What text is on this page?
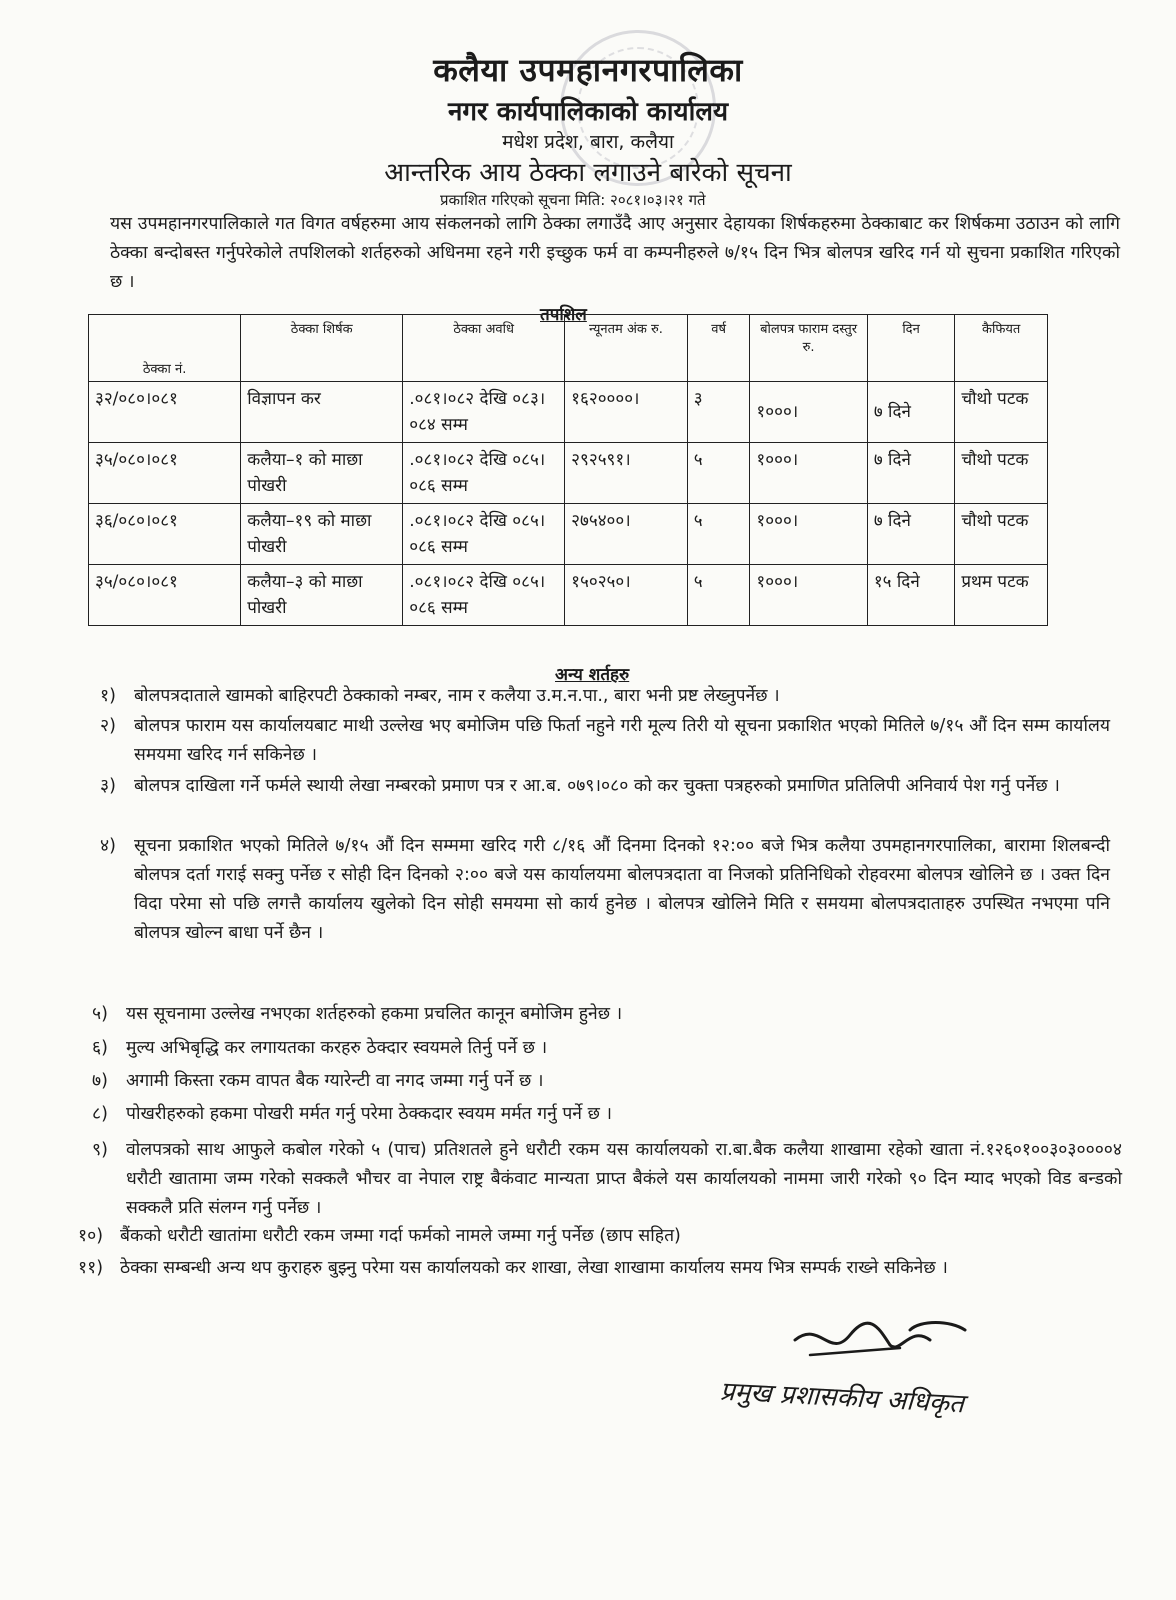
कलैया उपमहानगरपालिका
नगर कार्यपालिकाको कार्यालय
मधेश प्रदेश, बारा, कलैया
आन्तरिक आय ठेक्का लगाउने बारेको सूचना
प्रकाशित गरिएको सूचना मिति: २०८१।०३।२१ गते
यस उपमहानगरपालिकाले गत विगत वर्षहरुमा आय संकलनको लागि ठेक्का लगाउँदै आए अनुसार देहायका शिर्षकहरुमा ठेक्काबाट कर शिर्षकमा उठाउन को लागि ठेक्का बन्दोबस्त गर्नुपरेकोले तपशिलको शर्तहरुको अधिनमा रहने गरी इच्छुक फर्म वा कम्पनीहरुले ७/१५ दिन भित्र बोलपत्र खरिद गर्न यो सुचना प्रकाशित गरिएको छ ।
तपशिल
ठेक्का नं.	ठेक्का शिर्षक	ठेक्का अवधि	न्यूनतम अंक रु.	वर्ष	बोलपत्र फाराम दस्तुर रु.	दिन	कैफियत
३२/०८०।०८१	विज्ञापन कर	.०८१।०८२ देखि ०८३।०८४ सम्म	१६२००००।	३	१०००।	७ दिने	चौथो पटक
३५/०८०।०८१	कलैया–१ को माछा पोखरी	.०८१।०८२ देखि ०८५।०८६ सम्म	२९२५९१।	५	१०००।	७ दिने	चौथो पटक
३६/०८०।०८१	कलैया–१९ को माछा पोखरी	.०८१।०८२ देखि ०८५।०८६ सम्म	२७५४००।	५	१०००।	७ दिने	चौथो पटक
३५/०८०।०८१	कलैया–३ को माछा पोखरी	.०८१।०८२ देखि ०८५।०८६ सम्म	१५०२५०।	५	१०००।	१५ दिने	प्रथम पटक
अन्य शर्तहरु
१)	बोलपत्रदाताले खामको बाहिरपटी ठेक्काको नम्बर, नाम र कलैया उ.म.न.पा., बारा भनी प्रष्ट लेख्नुपर्नेछ ।
२)	बोलपत्र फाराम यस कार्यालयबाट माथी उल्लेख भए बमोजिम पछि फिर्ता नहुने गरी मूल्य तिरी यो सूचना प्रकाशित भएको मितिले ७/१५ औं दिन सम्म कार्यालय समयमा खरिद गर्न सकिनेछ ।
३)	बोलपत्र दाखिला गर्ने फर्मले स्थायी लेखा नम्बरको प्रमाण पत्र र आ.ब. ०७९।०८० को कर चुक्ता पत्रहरुको प्रमाणित प्रतिलिपी अनिवार्य पेश गर्नु पर्नेछ ।
४)	सूचना प्रकाशित भएको मितिले ७/१५ औं दिन सम्ममा खरिद गरी ८/१६ औं दिनमा दिनको १२:०० बजे भित्र कलैया उपमहानगरपालिका, बारामा शिलबन्दी बोलपत्र दर्ता गराई सक्नु पर्नेछ र सोही दिन दिनको २:०० बजे यस कार्यालयमा बोलपत्रदाता वा निजको प्रतिनिधिको रोहवरमा बोलपत्र खोलिने छ । उक्त दिन विदा परेमा सो पछि लगत्तै कार्यालय खुलेको दिन सोही समयमा सो कार्य हुनेछ । बोलपत्र खोलिने मिति र समयमा बोलपत्रदाताहरु उपस्थित नभएमा पनि बोलपत्र खोल्न बाधा पर्ने छैन ।
५)	यस सूचनामा उल्लेख नभएका शर्तहरुको हकमा प्रचलित कानून बमोजिम हुनेछ ।
६)	मुल्य अभिबृद्धि कर लगायतका करहरु ठेक्दार स्वयमले तिर्नु पर्ने छ ।
७)	अगामी किस्ता रकम वापत बैक ग्यारेन्टी वा नगद जम्मा गर्नु पर्ने छ ।
८)	पोखरीहरुको हकमा पोखरी मर्मत गर्नु परेमा ठेक्कदार स्वयम मर्मत गर्नु पर्ने छ ।
९)	वोलपत्रको साथ आफुले कबोल गरेको ५ (पाच) प्रतिशतले हुने धरौटी रकम यस कार्यालयको रा.बा.बैक कलैया शाखामा रहेको खाता नं.१२६०१००३०३००००४ धरौटी खातामा जम्म गरेको सक्कलै भौचर वा नेपाल राष्ट्र बैकंवाट मान्यता प्राप्त बैकंले यस कार्यालयको नाममा जारी गरेको ९० दिन म्याद भएको विड बन्डको सक्कलै प्रति संलग्न गर्नु पर्नेछ ।
१०) बैंकको धरौटी खातांमा धरौटी रकम जम्मा गर्दा फर्मको नामले जम्मा गर्नु पर्नेछ (छाप सहित)
११) ठेक्का सम्बन्धी अन्य थप कुराहरु बुझ्नु परेमा यस कार्यालयको कर शाखा, लेखा शाखामा कार्यालय समय भित्र सम्पर्क राख्ने सकिनेछ ।
प्रमुख प्रशासकीय अधिकृत
